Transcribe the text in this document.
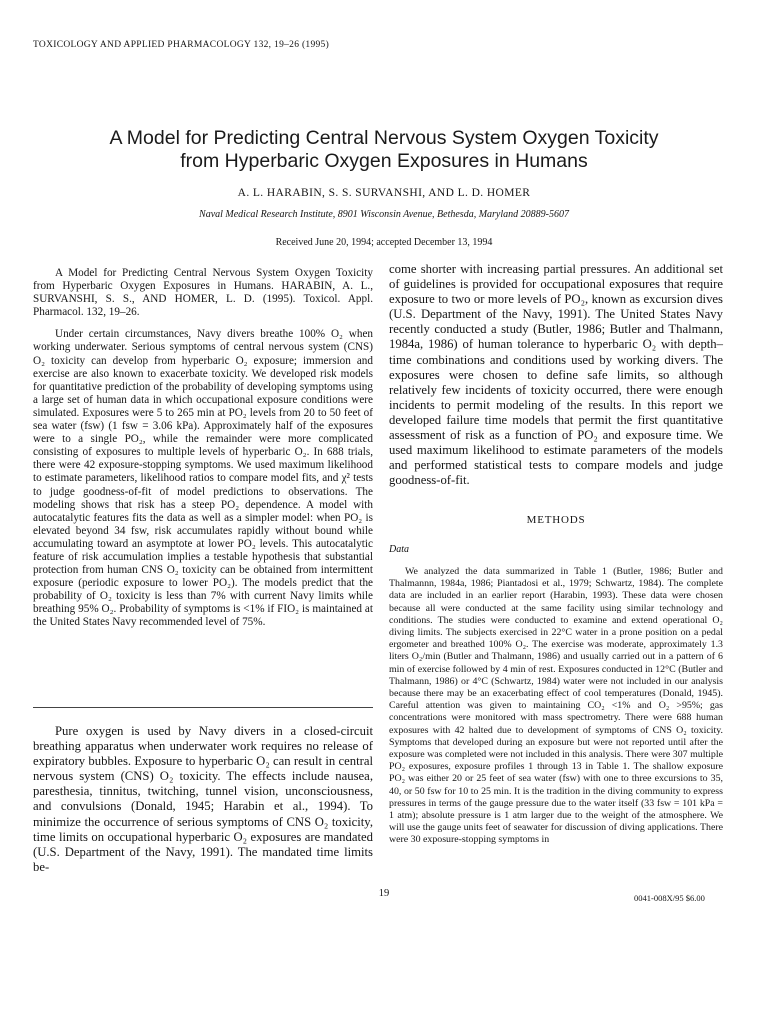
TOXICOLOGY AND APPLIED PHARMACOLOGY 132, 19–26 (1995)
A Model for Predicting Central Nervous System Oxygen Toxicity
from Hyperbaric Oxygen Exposures in Humans
A. L. HARABIN, S. S. SURVANSHI, AND L. D. HOMER
Naval Medical Research Institute, 8901 Wisconsin Avenue, Bethesda, Maryland 20889-5607
Received June 20, 1994; accepted December 13, 1994

A Model for Predicting Central Nervous System Oxygen Toxicity from Hyperbaric Oxygen Exposures in Humans. HARABIN, A. L., SURVANSHI, S. S., AND HOMER, L. D. (1995). Toxicol. Appl. Pharmacol. 132, 19–26.

Under certain circumstances, Navy divers breathe 100% O₂ when working underwater. Serious symptoms of central nervous system (CNS) O₂ toxicity can develop from hyperbaric O₂ exposure; immersion and exercise are also known to exacerbate toxicity. We developed risk models for quantitative prediction of the probability of developing symptoms using a large set of human data in which occupational exposure conditions were simulated. Exposures were 5 to 265 min at PO₂ levels from 20 to 50 feet of sea water (fsw) (1 fsw = 3.06 kPa). Approximately half of the exposures were to a single PO₂, while the remainder were more complicated consisting of exposures to multiple levels of hyperbaric O₂. In 688 trials, there were 42 exposure-stopping symptoms. We used maximum likelihood to estimate parameters, likelihood ratios to compare model fits, and χ² tests to judge goodness-of-fit of model predictions to observations. The modeling shows that risk has a steep PO₂ dependence. A model with autocatalytic features fits the data as well as a simpler model: when PO₂ is elevated beyond 34 fsw, risk accumulates rapidly without bound while accumulating toward an asymptote at lower PO₂ levels. This autocatalytic feature of risk accumulation implies a testable hypothesis that substantial protection from human CNS O₂ toxicity can be obtained from intermittent exposure (periodic exposure to lower PO₂). The models predict that the probability of O₂ toxicity is less than 7% with current Navy limits while breathing 95% O₂. Probability of symptoms is <1% if FIO₂ is maintained at the United States Navy recommended level of 75%.

Pure oxygen is used by Navy divers in a closed-circuit breathing apparatus when underwater work requires no release of expiratory bubbles. Exposure to hyperbaric O₂ can result in central nervous system (CNS) O₂ toxicity. The effects include nausea, paresthesia, tinnitus, twitching, tunnel vision, unconsciousness, and convulsions (Donald, 1945; Harabin et al., 1994). To minimize the occurrence of serious symptoms of CNS O₂ toxicity, time limits on occupational hyperbaric O₂ exposures are mandated (U.S. Department of the Navy, 1991). The mandated time limits be-

come shorter with increasing partial pressures. An additional set of guidelines is provided for occupational exposures that require exposure to two or more levels of PO₂, known as excursion dives (U.S. Department of the Navy, 1991). The United States Navy recently conducted a study (Butler, 1986; Butler and Thalmann, 1984a, 1986) of human tolerance to hyperbaric O₂ with depth–time combinations and conditions used by working divers. The exposures were chosen to define safe limits, so although relatively few incidents of toxicity occurred, there were enough incidents to permit modeling of the results. In this report we developed failure time models that permit the first quantitative assessment of risk as a function of PO₂ and exposure time. We used maximum likelihood to estimate parameters of the models and performed statistical tests to compare models and judge goodness-of-fit.

METHODS
Data

We analyzed the data summarized in Table 1 (Butler, 1986; Butler and Thalmannn, 1984a, 1986; Piantadosi et al., 1979; Schwartz, 1984). The complete data are included in an earlier report (Harabin, 1993). These data were chosen because all were conducted at the same facility using similar technology and conditions. The studies were conducted to examine and extend operational O₂ diving limits. The subjects exercised in 22°C water in a prone position on a pedal ergometer and breathed 100% O₂. The exercise was moderate, approximately 1.3 liters O₂/min (Butler and Thalmann, 1986) and usually carried out in a pattern of 6 min of exercise followed by 4 min of rest. Exposures conducted in 12°C (Butler and Thalmann, 1986) or 4°C (Schwartz, 1984) water were not included in our analysis because there may be an exacerbating effect of cool temperatures (Donald, 1945). Careful attention was given to maintaining CO₂ <1% and O₂ >95%; gas concentrations were monitored with mass spectrometry. There were 688 human exposures with 42 halted due to development of symptoms of CNS O₂ toxicity. Symptoms that developed during an exposure but were not reported until after the exposure was completed were not included in this analysis. There were 307 multiple PO₂ exposures, exposure profiles 1 through 13 in Table 1. The shallow exposure PO₂ was either 20 or 25 feet of sea water (fsw) with one to three excursions to 35, 40, or 50 fsw for 10 to 25 min. It is the tradition in the diving community to express pressures in terms of the gauge pressure due to the water itself (33 fsw = 101 kPa = 1 atm); absolute pressure is 1 atm larger due to the weight of the atmosphere. We will use the gauge units feet of seawater for discussion of diving applications. There were 30 exposure-stopping symptoms in

19	0041-008X/95 $6.00
